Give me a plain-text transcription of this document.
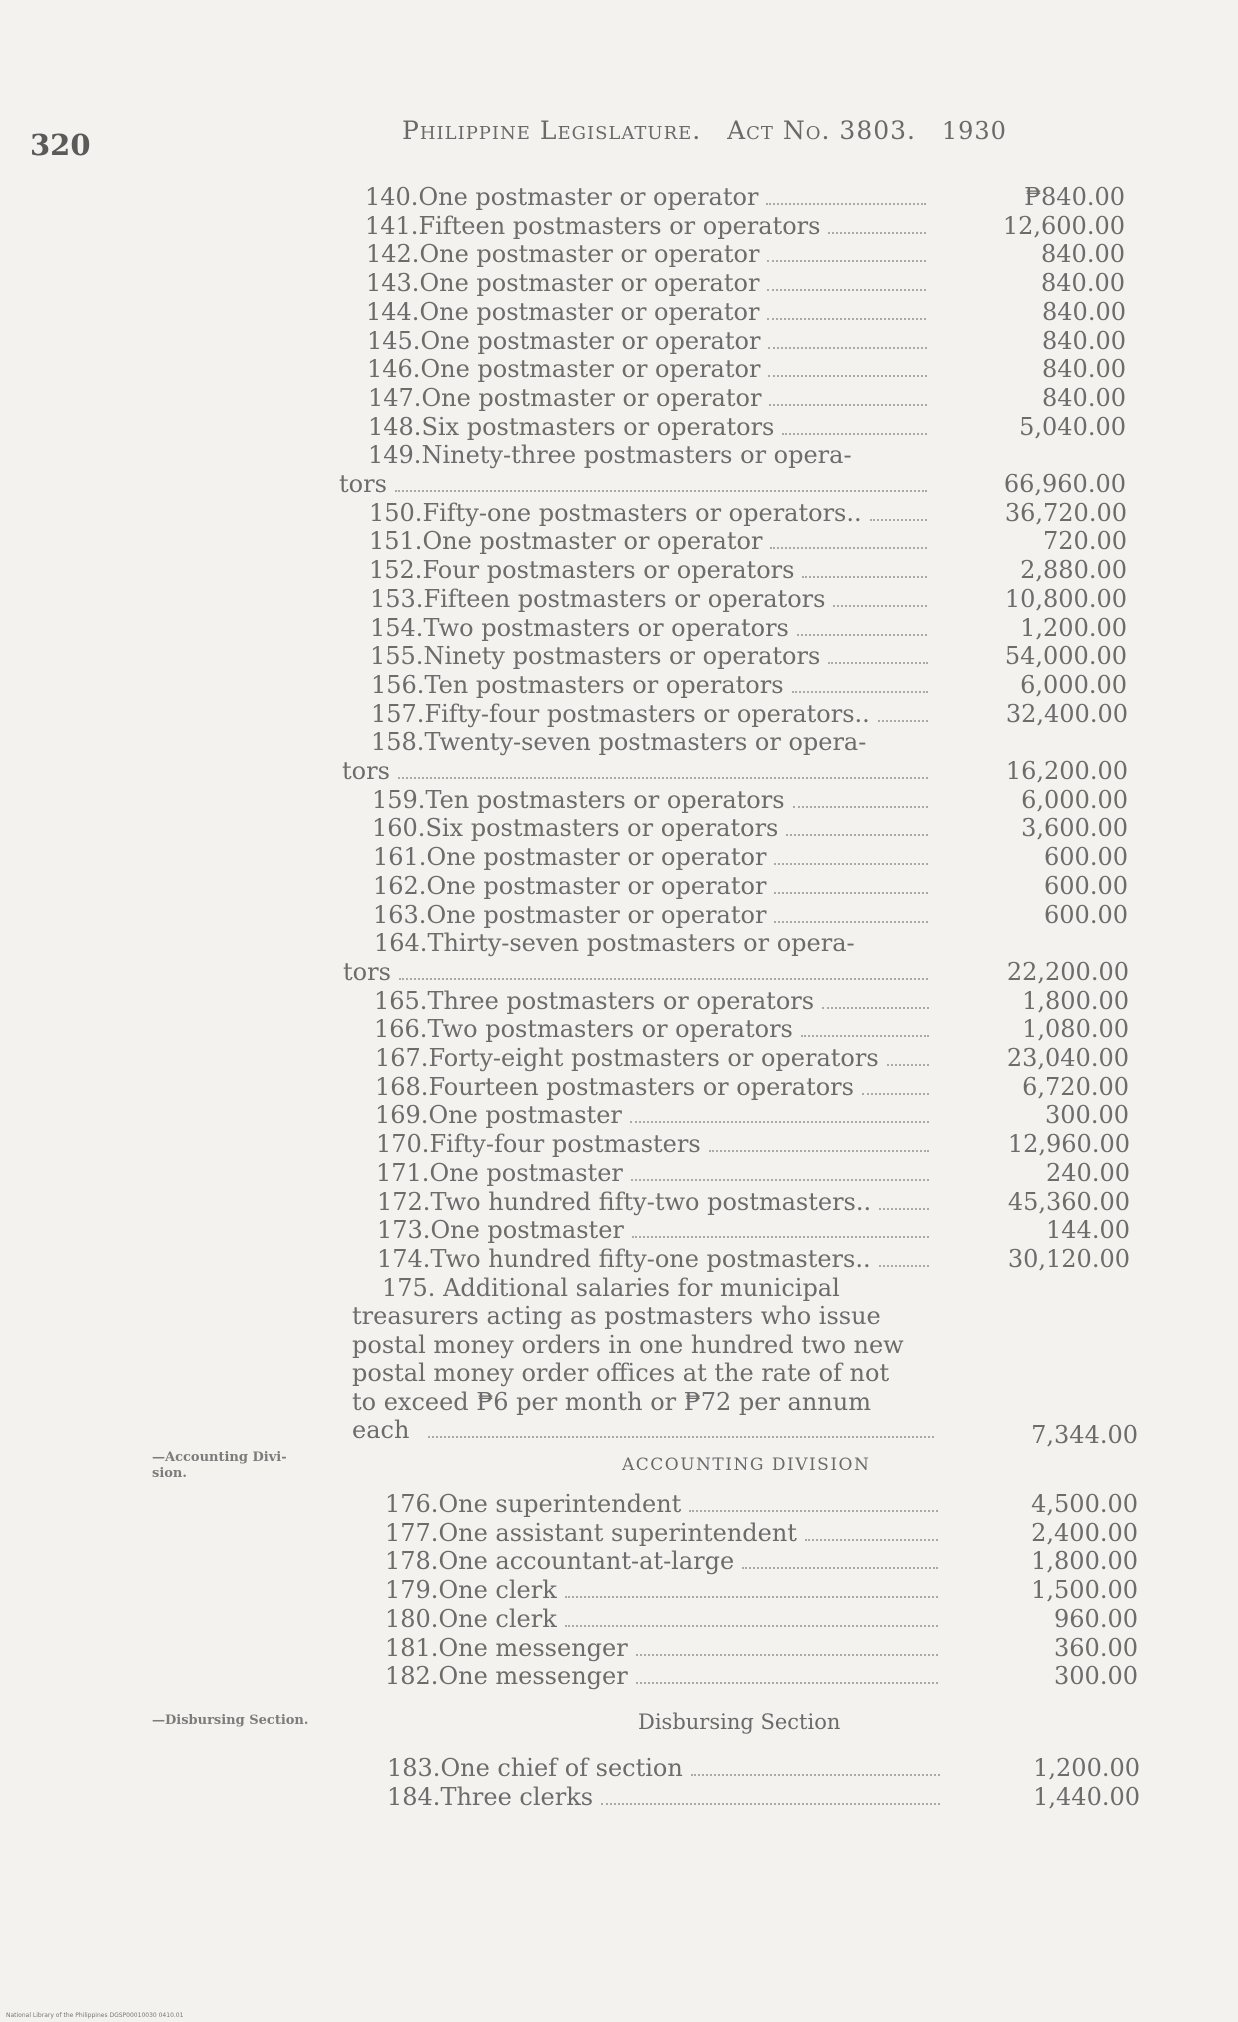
320	Philippine Legislature. Act No. 3803. 1930
140.One postmaster or operator	₱840.00
141.Fifteen postmasters or operators	12,600.00
142.One postmaster or operator	840.00
143.One postmaster or operator	840.00
144.One postmaster or operator	840.00
145.One postmaster or operator	840.00
146.One postmaster or operator	840.00
147.One postmaster or operator	840.00
148.Six postmasters or operators	5,040.00
149.Ninety-three postmasters or opera-
tors	66,960.00
150.Fifty-one postmasters or operators..	36,720.00
151.One postmaster or operator	720.00
152.Four postmasters or operators	2,880.00
153.Fifteen postmasters or operators	10,800.00
154.Two postmasters or operators	1,200.00
155.Ninety postmasters or operators	54,000.00
156.Ten postmasters or operators	6,000.00
157.Fifty-four postmasters or operators..	32,400.00
158.Twenty-seven postmasters or opera-
tors	16,200.00
159.Ten postmasters or operators	6,000.00
160.Six postmasters or operators	3,600.00
161.One postmaster or operator	600.00
162.One postmaster or operator	600.00
163.One postmaster or operator	600.00
164.Thirty-seven postmasters or opera-
tors	22,200.00
165.Three postmasters or operators	1,800.00
166.Two postmasters or operators	1,080.00
167.Forty-eight postmasters or operators	23,040.00
168.Fourteen postmasters or operators	6,720.00
169.One postmaster	300.00
170.Fifty-four postmasters	12,960.00
171.One postmaster	240.00
172.Two hundred fifty-two postmasters..	45,360.00
173.One postmaster	144.00
174.Two hundred fifty-one postmasters..	30,120.00
175. Additional salaries for municipal
treasurers acting as postmasters who issue
postal money orders in one hundred two new
postal money order offices at the rate of not
to exceed ₱6 per month or ₱72 per annum
each	7,344.00
—Accounting Divi-
sion.	ACCOUNTING DIVISION
176.One superintendent	4,500.00
177.One assistant superintendent	2,400.00
178.One accountant-at-large	1,800.00
179.One clerk	1,500.00
180.One clerk	960.00
181.One messenger	360.00
182.One messenger	300.00
—Disbursing Section.	Disbursing Section
183.One chief of section	1,200.00
184.Three clerks	1,440.00
National Library of the Philippines DGSP00010030 0410.01
